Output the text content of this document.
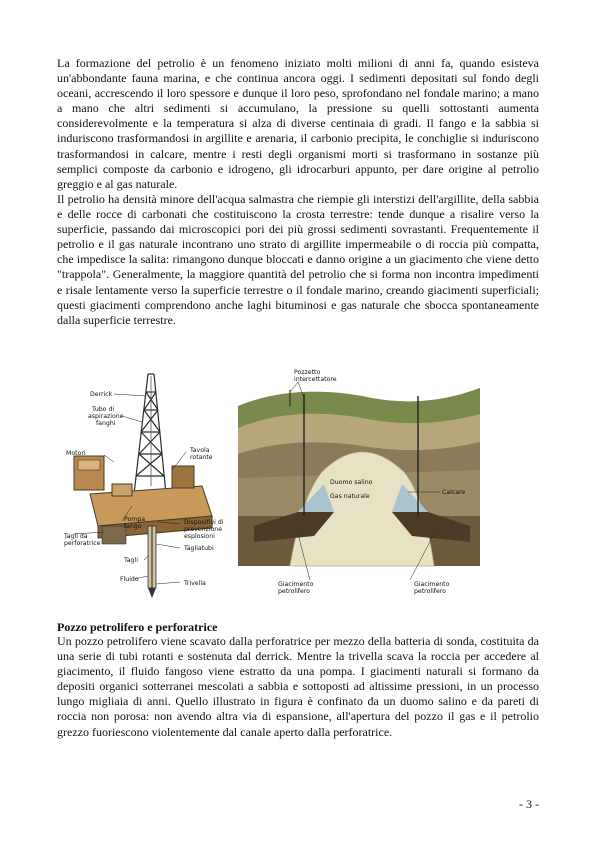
La formazione del petrolio è un fenomeno iniziato molti milioni di anni fa, quando esisteva un'abbondante fauna marina, e che continua ancora oggi. I sedimenti depositati sul fondo degli oceani, accrescendo il loro spessore e dunque il loro peso, sprofondano nel fondale marino; a mano a mano che altri sedimenti si accumulano, la pressione su quelli sottostanti aumenta considerevolmente e la temperatura si alza di diverse centinaia di gradi. Il fango e la sabbia si induriscono trasformandosi in argillite e arenaria, il carbonio precipita, le conchiglie si induriscono trasformandosi in calcare, mentre i resti degli organismi morti si trasformano in sostanze più semplici composte da carbonio e idrogeno, gli idrocarburi appunto, per dare origine al petrolio greggio e al gas naturale.

Il petrolio ha densità minore dell'acqua salmastra che riempie gli interstizi dell'argillite, della sabbia e delle rocce di carbonati che costituiscono la crosta terrestre: tende dunque a risalire verso la superficie, passando dai microscopici pori dei più grossi sedimenti sovrastanti. Frequentemente il petrolio e il gas naturale incontrano uno strato di argillite impermeabile o di roccia più compatta, che impedisce la salita: rimangono dunque bloccati e danno origine a un giacimento che viene detto "trappola". Generalmente, la maggiore quantità del petrolio che si forma non incontra impedimenti e risale lentamente verso la superficie terrestre o il fondale marino, creando giacimenti superficiali; questi giacimenti comprendono anche laghi bituminosi e gas naturale che sbocca spontaneamente dalla superficie terrestre.

Derrick
Tubo di
aspirazione
fanghi
Motori	Tavola
rotante
Pompa
fango
Dispositivi di
prevenzione
esplosioni
Tagli da
perforatrice
Tagliatubi
Tagli
Fluido
Trivella
Pozzetto
intercettatore
Duomo salino
Gas naturale
Calcare
Giacimento
petrolifero
Giacimento
petrolifero
Pozzo petrolifero e perforatrice

Un pozzo petrolifero viene scavato dalla perforatrice per mezzo della batteria di sonda, costituita da una serie di tubi rotanti e sostenuta dal derrick. Mentre la trivella scava la roccia per accedere al giacimento, il fluido fangoso viene estratto da una pompa. I giacimenti naturali si formano da depositi organici sotterranei mescolati a sabbia e sottoposti ad altissime pressioni, in un processo lungo migliaia di anni. Quello illustrato in figura è confinato da un duomo salino e da pareti di roccia non porosa: non avendo altra via di espansione, all'apertura del pozzo il gas e il petrolio grezzo fuoriescono violentemente dal canale aperto dalla perforatrice.

- 3 -
